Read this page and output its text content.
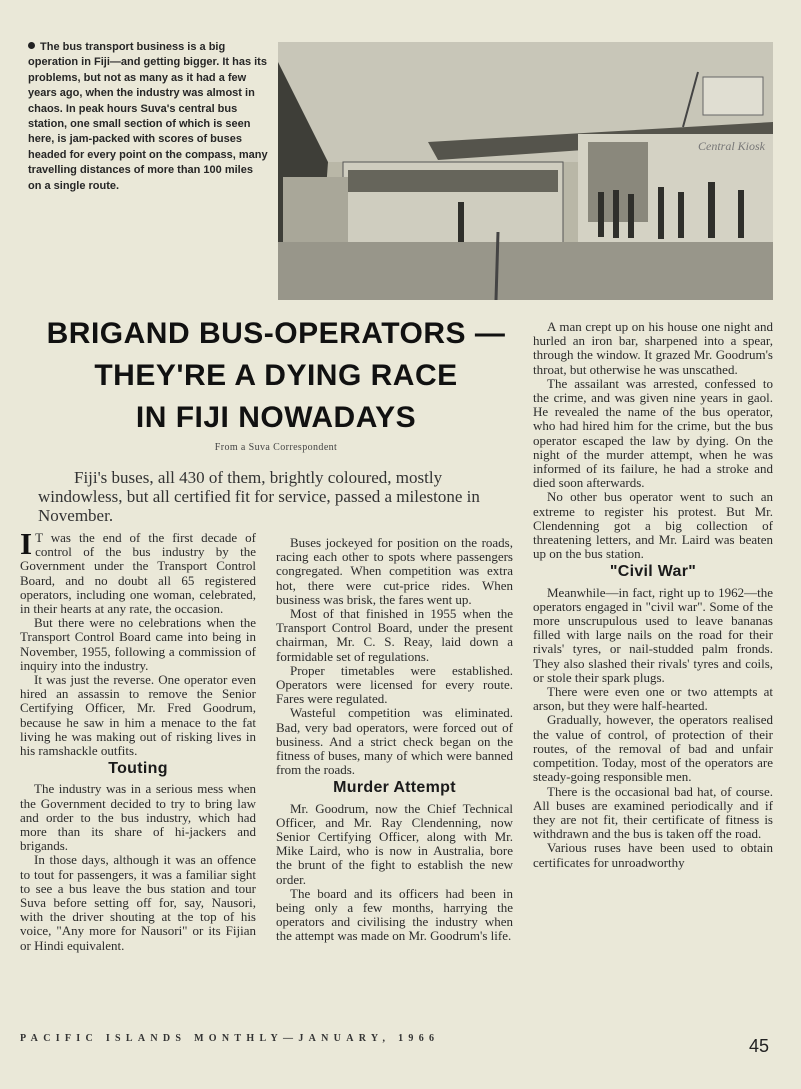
The bus transport business is a big operation in Fiji—and getting bigger. It has its problems, but not as many as it had a few years ago, when the industry was almost in chaos. In peak hours Suva's central bus station, one small section of which is seen here, is jam-packed with scores of buses headed for every point on the compass, many travelling distances of more than 100 miles on a single route.
Central Kiosk
BRIGAND BUS-OPERATORS —
THEY'RE A DYING RACE
IN FIJI NOWADAYS
From a Suva Correspondent
Fiji's buses, all 430 of them, brightly coloured, mostly windowless, but all certified fit for service, passed a milestone in November.

I T was the end of the first decade of control of the bus industry by the Government under the Transport Control Board, and no doubt all 65 registered operators, including one woman, celebrated, in their hearts at any rate, the occasion.

But there were no celebrations when the Transport Control Board came into being in November, 1955, following a commission of inquiry into the industry.

It was just the reverse. One operator even hired an assassin to remove the Senior Certifying Officer, Mr. Fred Goodrum, because he saw in him a menace to the fat living he was making out of risking lives in his ramshackle outfits.

Touting

The industry was in a serious mess when the Government decided to try to bring law and order to the bus industry, which had more than its share of hi-jackers and brigands.

In those days, although it was an offence to tout for passengers, it was a familiar sight to see a bus leave the bus station and tour Suva before setting off for, say, Nausori, with the driver shouting at the top of his voice, "Any more for Nausori" or its Fijian or Hindi equivalent.

Buses jockeyed for position on the roads, racing each other to spots where passengers congregated. When competition was extra hot, there were cut-price rides. When business was brisk, the fares went up.

Most of that finished in 1955 when the Transport Control Board, under the present chairman, Mr. C. S. Reay, laid down a formidable set of regulations.

Proper timetables were established. Operators were licensed for every route. Fares were regulated.

Wasteful competition was eliminated. Bad, very bad operators, were forced out of business. And a strict check began on the fitness of buses, many of which were banned from the roads.

Murder Attempt

Mr. Goodrum, now the Chief Technical Officer, and Mr. Ray Clendenning, now Senior Certifying Officer, along with Mr. Mike Laird, who is now in Australia, bore the brunt of the fight to establish the new order.

The board and its officers had been in being only a few months, harrying the operators and civilising the industry when the attempt was made on Mr. Goodrum's life.

A man crept up on his house one night and hurled an iron bar, sharpened into a spear, through the window. It grazed Mr. Goodrum's throat, but otherwise he was unscathed.

The assailant was arrested, confessed to the crime, and was given nine years in gaol. He revealed the name of the bus operator, who had hired him for the crime, but the bus operator escaped the law by dying. On the night of the murder attempt, when he was informed of its failure, he had a stroke and died soon afterwards.

No other bus operator went to such an extreme to register his protest. But Mr. Clendenning got a big collection of threatening letters, and Mr. Laird was beaten up on the bus station.

"Civil War"

Meanwhile—in fact, right up to 1962—the operators engaged in "civil war". Some of the more unscrupulous used to leave bananas filled with large nails on the road for their rivals' tyres, or nail-studded palm fronds. They also slashed their rivals' tyres and coils, or stole their spark plugs.

There were even one or two attempts at arson, but they were half-hearted.

Gradually, however, the operators realised the value of control, of protection of their routes, of the removal of bad and unfair competition. Today, most of the operators are steady-going responsible men.

There is the occasional bad hat, of course. All buses are examined periodically and if they are not fit, their certificate of fitness is withdrawn and the bus is taken off the road.

Various ruses have been used to obtain certificates for unroadworthy

PACIFIC ISLANDS MONTHLY—JANUARY, 1966	45
